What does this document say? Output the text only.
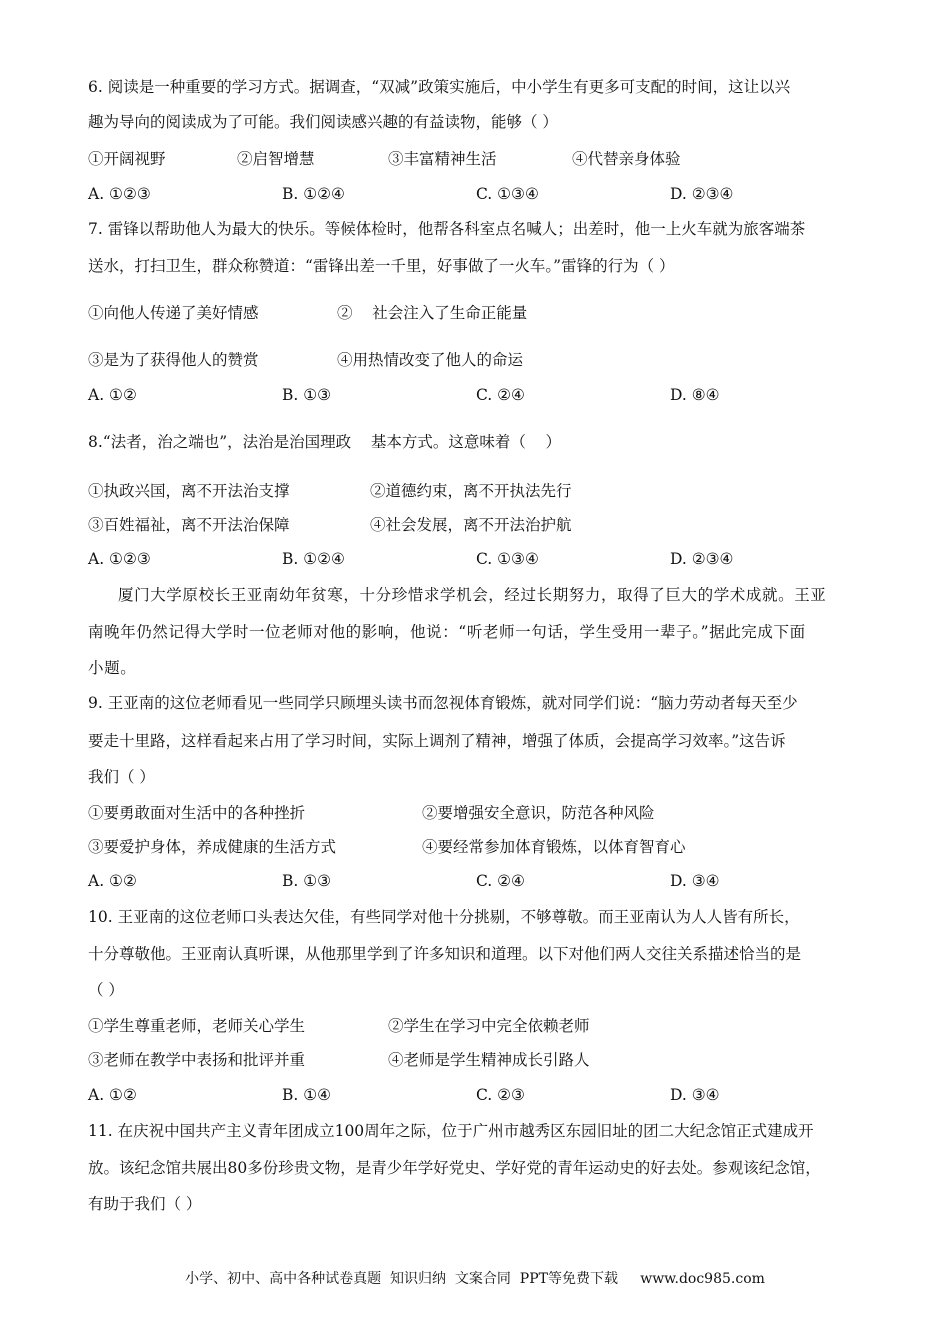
6. 阅读是一种重要的学习方式。据调查，“双减”政策实施后，中小学生有更多可支配的时间，这让以兴
趣为导向的阅读成为了可能。我们阅读感兴趣的有益读物，能够（ ）
①开阔视野	②启智增慧	③丰富精神生活	④代替亲身体验
A. ①②③	B. ①②④	C. ①③④	D. ②③④
7. 雷锋以帮助他人为最大的快乐。等候体检时，他帮各科室点名喊人；出差时，他一上火车就为旅客端茶
送水，打扫卫生，群众称赞道：“雷锋出差一千里，好事做了一火车。”雷锋的行为（ ）
①向他人传递了美好情感	②    社会注入了生命正能量
③是为了获得他人的赞赏	④用热情改变了他人的命运
A. ①②	B. ①③	C. ②④	D. ⑧④
8.“法者，治之端也”，法治是治国理政    基本方式。这意味着（    ）
①执政兴国，离不开法治支撑	②道德约束，离不开执法先行
③百姓福祉，离不开法治保障	④社会发展，离不开法治护航
A. ①②③	B. ①②④	C. ①③④	D. ②③④
厦门大学原校长王亚南幼年贫寒，十分珍惜求学机会，经过长期努力，取得了巨大的学术成就。王亚
南晚年仍然记得大学时一位老师对他的影响，他说：“听老师一句话，学生受用一辈子。”据此完成下面
小题。
9. 王亚南的这位老师看见一些同学只顾埋头读书而忽视体育锻炼，就对同学们说：“脑力劳动者每天至少
要走十里路，这样看起来占用了学习时间，实际上调剂了精神，增强了体质，会提高学习效率。”这告诉
我们（ ）
①要勇敢面对生活中的各种挫折	②要增强安全意识，防范各种风险
③要爱护身体，养成健康的生活方式	④要经常参加体育锻炼，以体育智育心
A. ①②	B. ①③	C. ②④	D. ③④
10. 王亚南的这位老师口头表达欠佳，有些同学对他十分挑剔，不够尊敬。而王亚南认为人人皆有所长，
十分尊敬他。王亚南认真听课，从他那里学到了许多知识和道理。以下对他们两人交往关系描述恰当的是
（ ）
①学生尊重老师，老师关心学生	②学生在学习中完全依赖老师
③老师在教学中表扬和批评并重	④老师是学生精神成长引路人
A. ①②	B. ①④	C. ②③	D. ③④
11. 在庆祝中国共产主义青年团成立100周年之际，位于广州市越秀区东园旧址的团二大纪念馆正式建成开
放。该纪念馆共展出80多份珍贵文物，是青少年学好党史、学好党的青年运动史的好去处。参观该纪念馆，
有助于我们（ ）
小学、初中、高中各种试卷真题  知识归纳  文案合同  PPT等免费下载     www.doc985.com
